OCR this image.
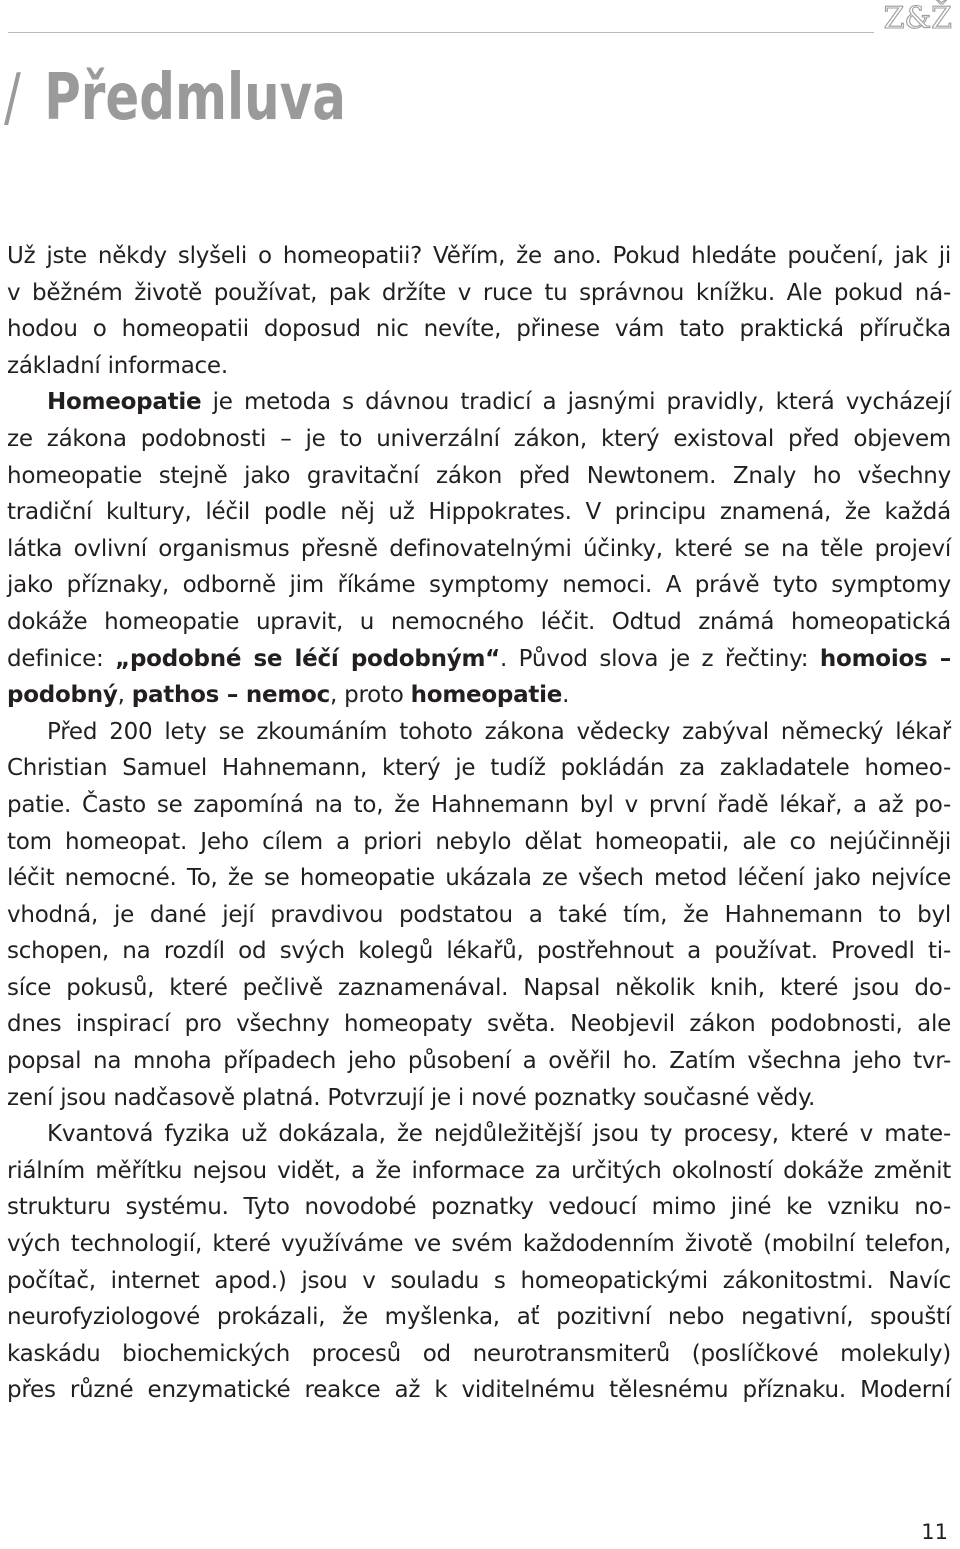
Z&Ž
/ Předmluva

Už jste někdy slyšeli o homeopatii? Věřím, že ano. Pokud hledáte poučení, jak ji
v běžném životě používat, pak držíte v ruce tu správnou knížku. Ale pokud ná-
hodou o homeopatii doposud nic nevíte, přinese vám tato praktická příručka
základní informace.

Homeopatie je metoda s dávnou tradicí a jasnými pravidly, která vycházejí
ze zákona podobnosti – je to univerzální zákon, který existoval před objevem
homeopatie stejně jako gravitační zákon před Newtonem. Znaly ho všechny
tradiční kultury, léčil podle něj už Hippokrates. V principu znamená, že každá
látka ovlivní organismus přesně definovatelnými účinky, které se na těle projeví
jako příznaky, odborně jim říkáme symptomy nemoci. A právě tyto symptomy
dokáže homeopatie upravit, u nemocného léčit. Odtud známá homeopatická
definice: „podobné se léčí podobným“. Původ slova je z řečtiny: homoios –
podobný, pathos – nemoc, proto homeopatie.

Před 200 lety se zkoumáním tohoto zákona vědecky zabýval německý lékař
Christian Samuel Hahnemann, který je tudíž pokládán za zakladatele homeo-
patie. Často se zapomíná na to, že Hahnemann byl v první řadě lékař, a až po-
tom homeopat. Jeho cílem a priori nebylo dělat homeopatii, ale co nejúčinněji
léčit nemocné. To, že se homeopatie ukázala ze všech metod léčení jako nejvíce
vhodná, je dané její pravdivou podstatou a také tím, že Hahnemann to byl
schopen, na rozdíl od svých kolegů lékařů, postřehnout a používat. Provedl ti-
síce pokusů, které pečlivě zaznamenával. Napsal několik knih, které jsou do-
dnes inspirací pro všechny homeopaty světa. Neobjevil zákon podobnosti, ale
popsal na mnoha případech jeho působení a ověřil ho. Zatím všechna jeho tvr-
zení jsou nadčasově platná. Potvrzují je i nové poznatky současné vědy.

Kvantová fyzika už dokázala, že nejdůležitější jsou ty procesy, které v mate-
riálním měřítku nejsou vidět, a že informace za určitých okolností dokáže změnit
strukturu systému. Tyto novodobé poznatky vedoucí mimo jiné ke vzniku no-
vých technologií, které využíváme ve svém každodenním životě (mobilní telefon,
počítač, internet apod.) jsou v souladu s homeopatickými zákonitostmi. Navíc
neurofyziologové prokázali, že myšlenka, ať pozitivní nebo negativní, spouští
kaskádu biochemických procesů od neurotransmiterů (poslíčkové molekuly)
přes různé enzymatické reakce až k viditelnému tělesnému příznaku. Moderní

11
